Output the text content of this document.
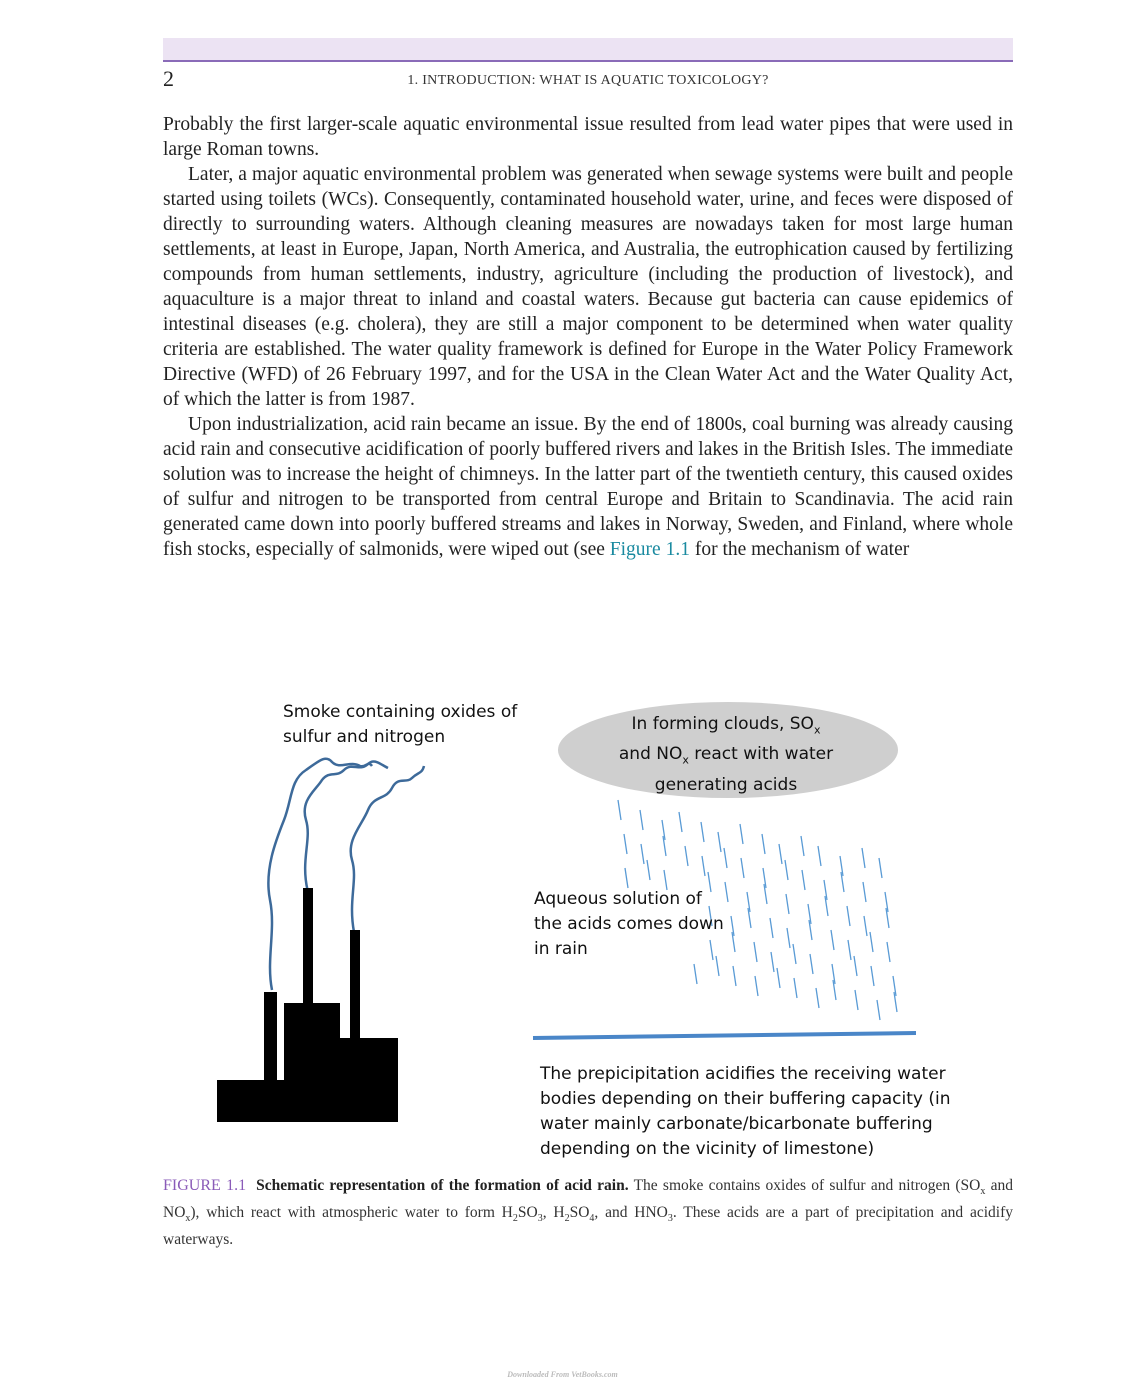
2	1. INTRODUCTION: WHAT IS AQUATIC TOXICOLOGY?

Probably the first larger-scale aquatic environmental issue resulted from lead water pipes that were used in large Roman towns.

Later, a major aquatic environmental problem was generated when sewage systems were built and people started using toilets (WCs). Consequently, contaminated household water, urine, and feces were disposed of directly to surrounding waters. Although cleaning measures are nowadays taken for most large human settlements, at least in Europe, Japan, North America, and Australia, the eutrophication caused by fertilizing compounds from human settlements, industry, agriculture (including the production of livestock), and aquaculture is a major threat to inland and coastal waters. Because gut bacteria can cause epidemics of intestinal diseases (e.g. cholera), they are still a major component to be determined when water quality criteria are established. The water quality framework is defined for Europe in the Water Policy Framework Directive (WFD) of 26 February 1997, and for the USA in the Clean Water Act and the Water Quality Act, of which the latter is from 1987.

Upon industrialization, acid rain became an issue. By the end of 1800s, coal burning was already causing acid rain and consecutive acidification of poorly buffered rivers and lakes in the British Isles. The immediate solution was to increase the height of chimneys. In the latter part of the twentieth century, this caused oxides of sulfur and nitrogen to be transported from central Europe and Britain to Scandinavia. The acid rain generated came down into poorly buffered streams and lakes in Norway, Sweden, and Finland, where whole fish stocks, especially of salmonids, were wiped out (see Figure 1.1 for the mechanism of water

Smoke containing oxides of sulfur and nitrogen
In forming clouds, $SO_x$
and $NO_x$ react with water
generating acids
Aqueous solution of the acids comes down in rain
The prepicipitation acidifies the receiving water bodies depending on their buffering capacity (in water mainly carbonate/bicarbonate buffering depending on the vicinity of limestone)
FIGURE 1.1 Schematic representation of the formation of acid rain. The smoke contains oxides of sulfur and nitrogen ($SO_x$ and $NO_x$), which react with atmospheric water to form $H_2SO_3$, $H_2SO_4$, and $HNO_3$. These acids are a part of precipitation and acidify waterways.
Downloaded From VetBooks.com
